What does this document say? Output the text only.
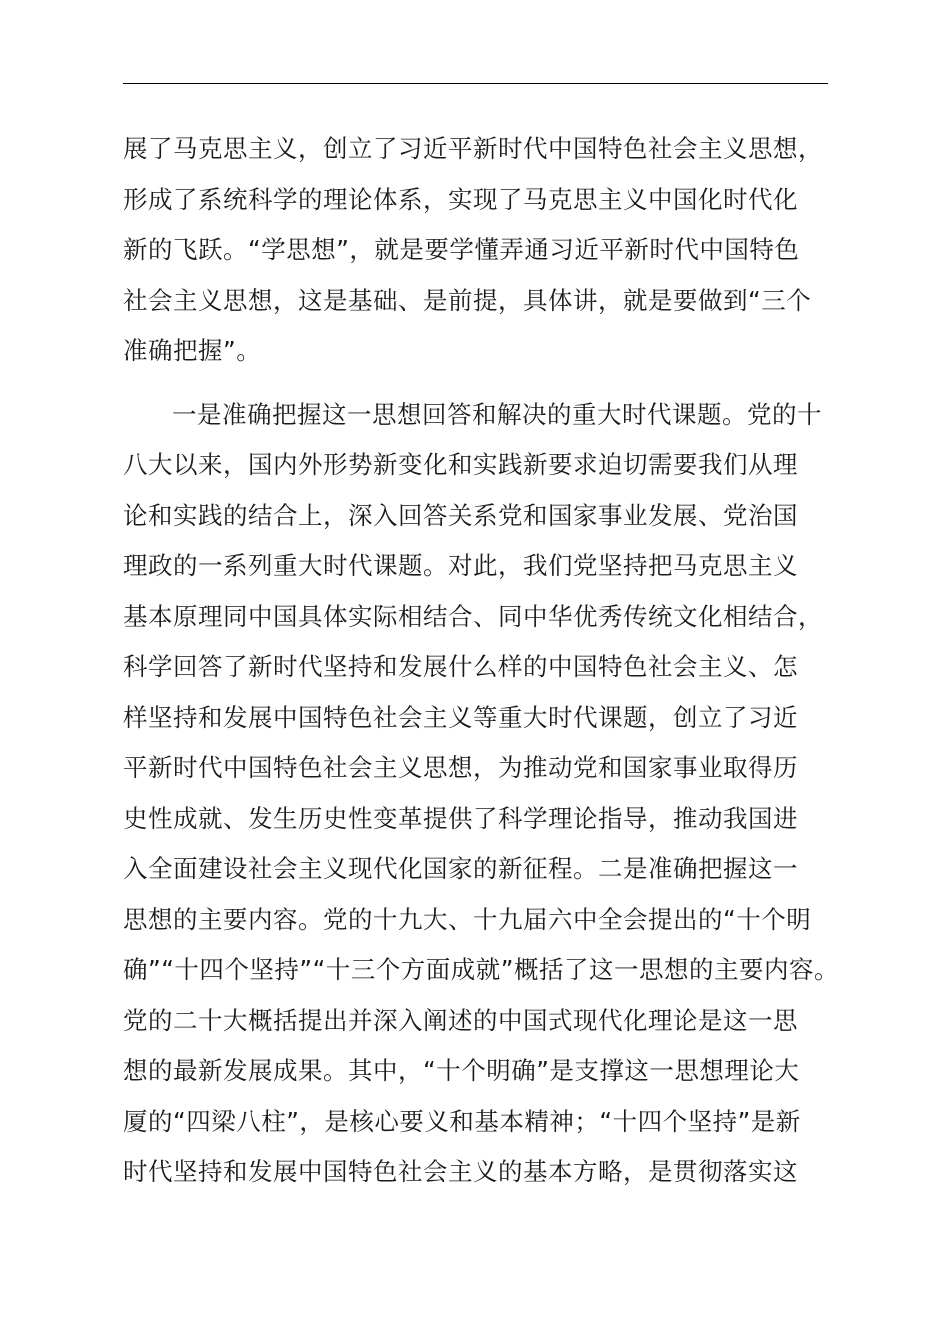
展了马克思主义，创立了习近平新时代中国特色社会主义思想，
形成了系统科学的理论体系，实现了马克思主义中国化时代化
新的飞跃。“学思想”，就是要学懂弄通习近平新时代中国特色
社会主义思想，这是基础、是前提，具体讲，就是要做到“三个
准确把握”。
一是准确把握这一思想回答和解决的重大时代课题。党的十
八大以来，国内外形势新变化和实践新要求迫切需要我们从理
论和实践的结合上，深入回答关系党和国家事业发展、党治国
理政的一系列重大时代课题。对此，我们党坚持把马克思主义
基本原理同中国具体实际相结合、同中华优秀传统文化相结合，
科学回答了新时代坚持和发展什么样的中国特色社会主义、怎
样坚持和发展中国特色社会主义等重大时代课题，创立了习近
平新时代中国特色社会主义思想，为推动党和国家事业取得历
史性成就、发生历史性变革提供了科学理论指导，推动我国进
入全面建设社会主义现代化国家的新征程。二是准确把握这一
思想的主要内容。党的十九大、十九届六中全会提出的“十个明
确”“十四个坚持”“十三个方面成就”概括了这一思想的主要内容。
党的二十大概括提出并深入阐述的中国式现代化理论是这一思
想的最新发展成果。其中，“十个明确”是支撑这一思想理论大
厦的“四梁八柱”，是核心要义和基本精神；“十四个坚持”是新
时代坚持和发展中国特色社会主义的基本方略，是贯彻落实这
